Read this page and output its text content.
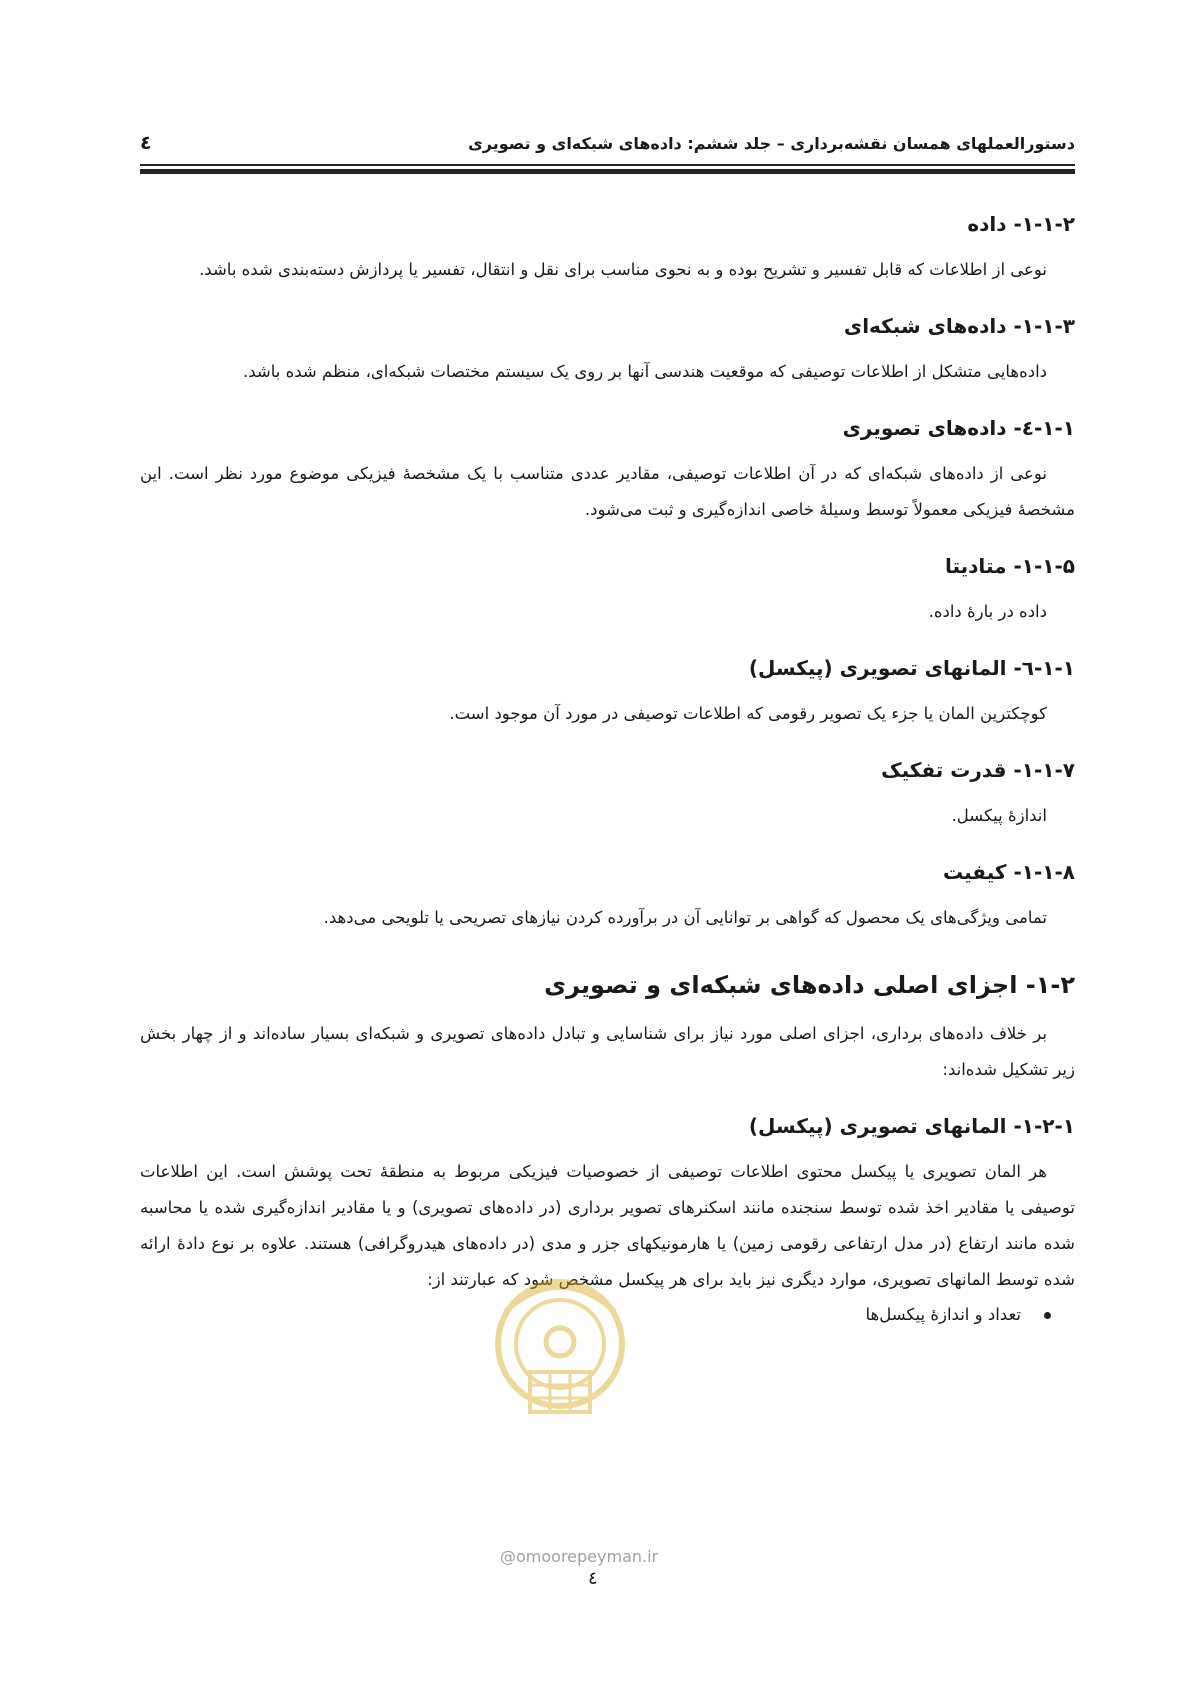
دستورالعملهای همسان نقشه‌برداری – جلد ششم: داده‌های شبکه‌ای و تصویری
٤
۱-۱-۲- داده

نوعی از اطلاعات که قابل تفسیر و تشریح بوده و به نحوی مناسب برای نقل و انتقال، تفسیر یا پردازش دسته‌بندی شده باشد.

۱-۱-۳- داده‌های شبکه‌ای

داده‌هایی متشکل از اطلاعات توصیفی که موقعیت هندسی آنها بر روی یک سیستم مختصات شبکه‌ای، منظم شده باشد.

۱-۱-٤- داده‌های تصویری

نوعی از داده‌های شبکه‌ای که در آن اطلاعات توصیفی، مقادیر عددی متناسب با یک مشخصهٔ فیزیکی موضوع مورد نظر است. این مشخصهٔ فیزیکی معمولاً توسط وسیلهٔ خاصی اندازه‌گیری و ثبت می‌شود.

۱-۱-۵- متادیتا

داده در بارهٔ داده.

۱-۱-٦- المانهای تصویری (پیکسل)

کوچکترین المان یا جزء یک تصویر رقومی که اطلاعات توصیفی در مورد آن موجود است.

۱-۱-۷- قدرت تفکیک

اندازهٔ پیکسل.

۱-۱-۸- کیفیت

تمامی ویژگی‌های یک محصول که گواهی بر توانایی آن در برآورده کردن نیازهای تصریحی یا تلویحی می‌دهد.

۱-۲- اجزای اصلی داده‌های شبکه‌ای و تصویری

بر خلاف داده‌های برداری، اجزای اصلی مورد نیاز برای شناسایی و تبادل داده‌های تصویری و شبکه‌ای بسیار ساده‌اند و از چهار بخش زیر تشکیل شده‌اند:

۱-۲-۱- المانهای تصویری (پیکسل)

هر المان تصویری یا پیکسل محتوی اطلاعات توصیفی از خصوصیات فیزیکی مربوط به منطقهٔ تحت پوشش است. این اطلاعات توصیفی یا مقادیر اخذ شده توسط سنجنده مانند اسکنرهای تصویر برداری (در داده‌های تصویری) و یا مقادیر اندازه‌گیری شده یا محاسبه شده مانند ارتفاع (در مدل ارتفاعی رقومی زمین) یا هارمونیکهای جزر و مدی (در داده‌های هیدروگرافی) هستند. علاوه بر نوع دادهٔ ارائه شده توسط المانهای تصویری، موارد دیگری نیز باید برای هر پیکسل مشخص شود که عبارتند از:

تعداد و اندازهٔ پیکسل‌ها
@omoorepeyman.ir
٤
